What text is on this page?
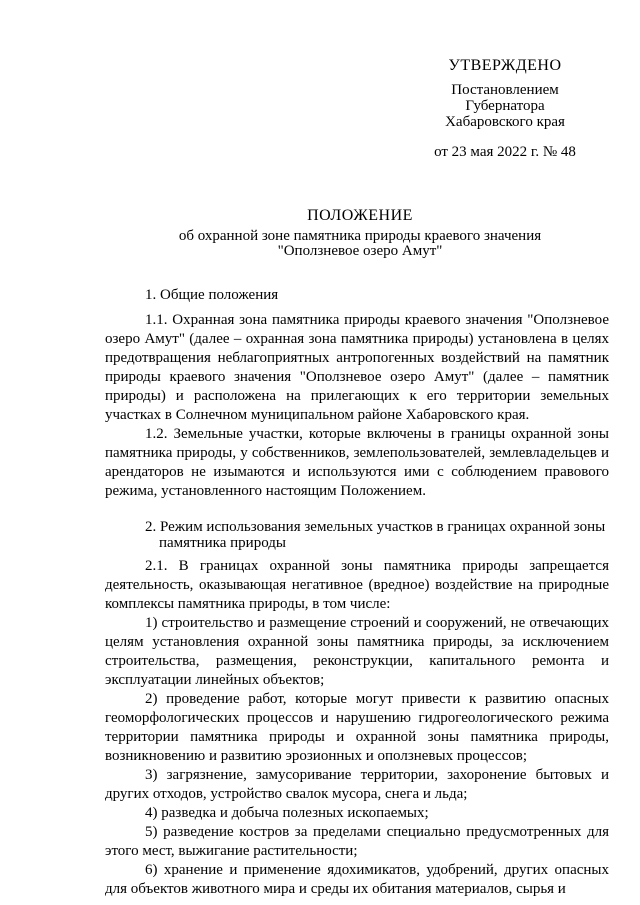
УТВЕРЖДЕНО
Постановлением
Губернатора
Хабаровского края
от 23 мая 2022 г. № 48
ПОЛОЖЕНИЕ
об охранной зоне памятника природы краевого значения
"Оползневое озеро Амут"

1. Общие положения

1.1. Охранная зона памятника природы краевого значения "Оползневое озеро Амут" (далее – охранная зона памятника природы) установлена в целях предотвращения неблагоприятных антропогенных воздействий на памятник природы краевого значения "Оползневое озеро Амут" (далее – памятник природы) и расположена на прилегающих к его территории земельных участках в Солнечном муниципальном районе Хабаровского края.

1.2. Земельные участки, которые включены в границы охранной зоны памятника природы, у собственников, землепользователей, землевладельцев и арендаторов не изымаются и используются ими с соблюдением правового режима, установленного настоящим Положением.

2. Режим использования земельных участков в границах охранной зоны
памятника природы

2.1. В границах охранной зоны памятника природы запрещается деятельность, оказывающая негативное (вредное) воздействие на природные комплексы памятника природы, в том числе:

1) строительство и размещение строений и сооружений, не отвечающих целям установления охранной зоны памятника природы, за исключением строительства, размещения, реконструкции, капитального ремонта и эксплуатации линейных объектов;

2) проведение работ, которые могут привести к развитию опасных геоморфологических процессов и нарушению гидрогеологического режима территории памятника природы и охранной зоны памятника природы, возникновению и развитию эрозионных и оползневых процессов;

3) загрязнение, замусоривание территории, захоронение бытовых и других отходов, устройство свалок мусора, снега и льда;

4) разведка и добыча полезных ископаемых;

5) разведение костров за пределами специально предусмотренных для этого мест, выжигание растительности;

6) хранение и применение ядохимикатов, удобрений, других опасных для объектов животного мира и среды их обитания материалов, сырья и
